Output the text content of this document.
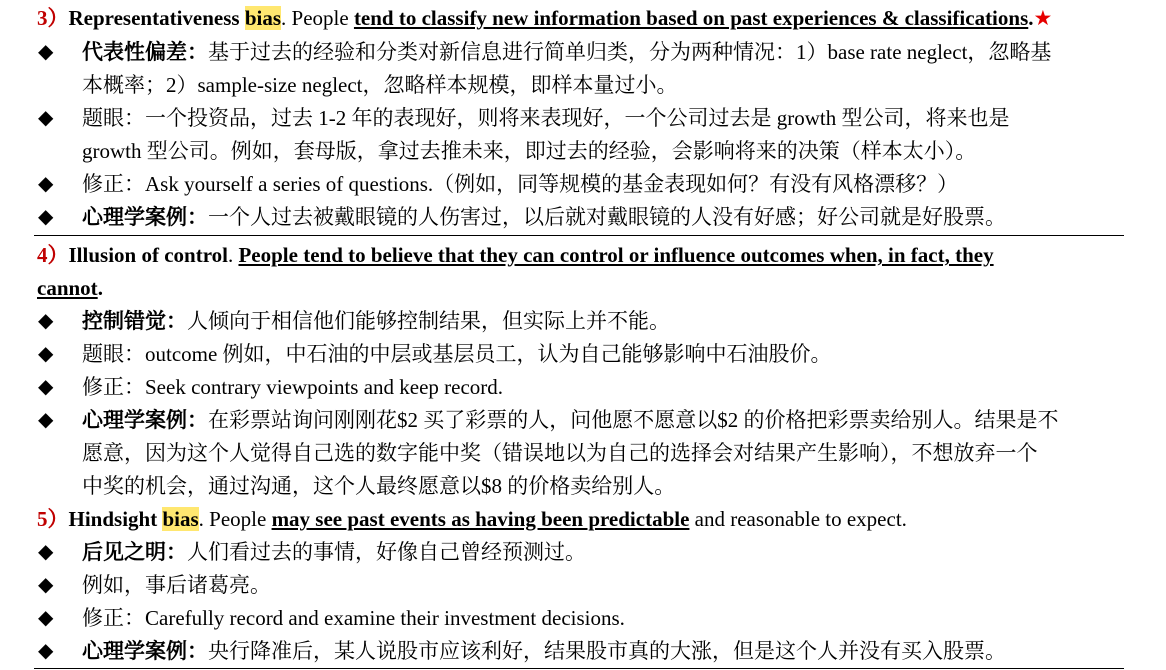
3）Representativeness bias. People tend to classify new information based on past experiences & classifications.★
◆ 代表性偏差：基于过去的经验和分类对新信息进行简单归类，分为两种情况：1）base rate neglect，忽略基
本概率；2）sample-size neglect，忽略样本规模，即样本量过小。
◆ 题眼：一个投资品，过去 1-2 年的表现好，则将来表现好，一个公司过去是 growth 型公司，将来也是
growth 型公司。例如，套母版，拿过去推未来，即过去的经验，会影响将来的决策（样本太小）。
◆ 修正：Ask yourself a series of questions.（例如，同等规模的基金表现如何？有没有风格漂移？）
◆ 心理学案例：一个人过去被戴眼镜的人伤害过，以后就对戴眼镜的人没有好感；好公司就是好股票。
4）Illusion of control. People tend to believe that they can control or influence outcomes when, in fact, they
cannot.
◆ 控制错觉：人倾向于相信他们能够控制结果，但实际上并不能。
◆ 题眼：outcome 例如，中石油的中层或基层员工，认为自己能够影响中石油股价。
◆ 修正：Seek contrary viewpoints and keep record.
◆ 心理学案例：在彩票站询问刚刚花$2 买了彩票的人，问他愿不愿意以$2 的价格把彩票卖给别人。结果是不
愿意，因为这个人觉得自己选的数字能中奖（错误地以为自己的选择会对结果产生影响），不想放弃一个
中奖的机会，通过沟通，这个人最终愿意以$8 的价格卖给别人。
5）Hindsight bias. People may see past events as having been predictable and reasonable to expect.
◆ 后见之明：人们看过去的事情，好像自己曾经预测过。
◆ 例如，事后诸葛亮。
◆ 修正：Carefully record and examine their investment decisions.
◆ 心理学案例：央行降准后，某人说股市应该利好，结果股市真的大涨，但是这个人并没有买入股票。
